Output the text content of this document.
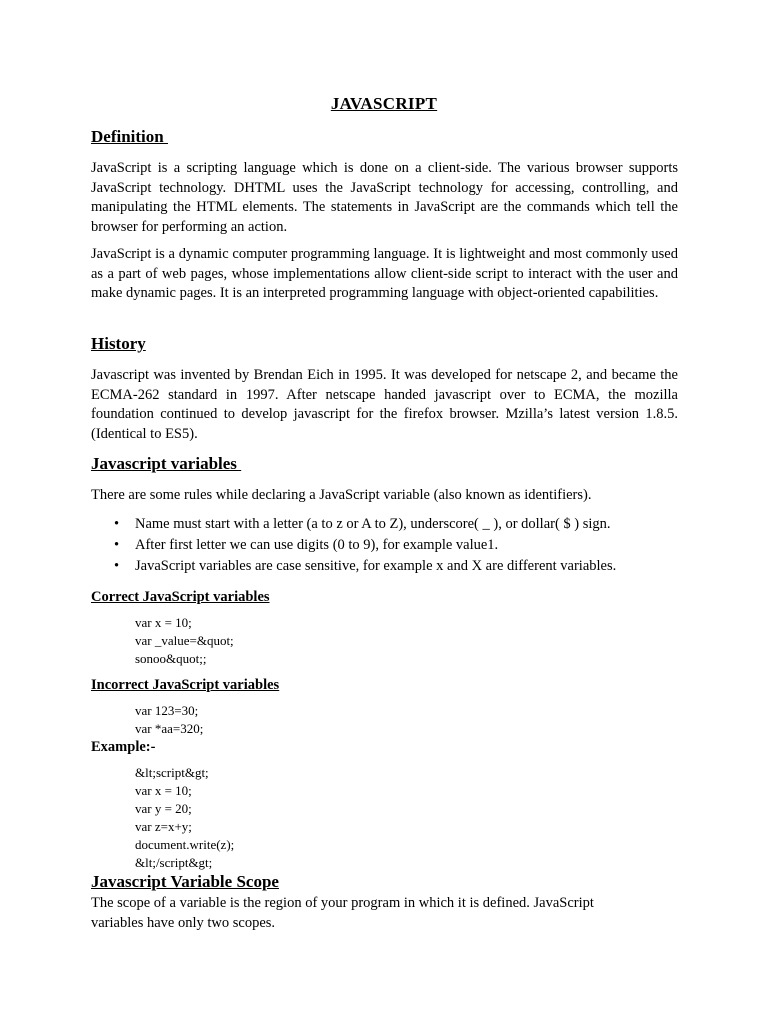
JAVASCRIPT
Definition

JavaScript is a scripting language which is done on a client-side. The various browser supports JavaScript technology. DHTML uses the JavaScript technology for accessing, controlling, and manipulating the HTML elements. The statements in JavaScript are the commands which tell the browser for performing an action.

JavaScript is a dynamic computer programming language. It is lightweight and most commonly used as a part of web pages, whose implementations allow client-side script to interact with the user and make dynamic pages. It is an interpreted programming language with object-oriented capabilities.

History

Javascript was invented by Brendan Eich in 1995. It was developed for netscape 2, and became the ECMA-262 standard in 1997. After netscape handed javascript over to ECMA, the mozilla foundation continued to develop javascript for the firefox browser. Mzilla’s latest version 1.8.5.(Identical to ES5).

Javascript variables

There are some rules while declaring a JavaScript variable (also known as identifiers).

• Name must start with a letter (a to z or A to Z), underscore( _ ), or dollar( $ ) sign.
• After first letter we can use digits (0 to 9), for example value1.
• JavaScript variables are case sensitive, for example x and X are different variables.
Correct JavaScript variables
var x = 10;
var _value=&quot;
sonoo&quot;;
Incorrect JavaScript variables
var 123=30;
var *aa=320;

Example:-

&lt;script&gt;
var x = 10;
var y = 20;
var z=x+y;
document.write(z);
&lt;/script&gt;
Javascript Variable Scope
The scope of a variable is the region of your program in which it is defined. JavaScript
variables have only two scopes.
